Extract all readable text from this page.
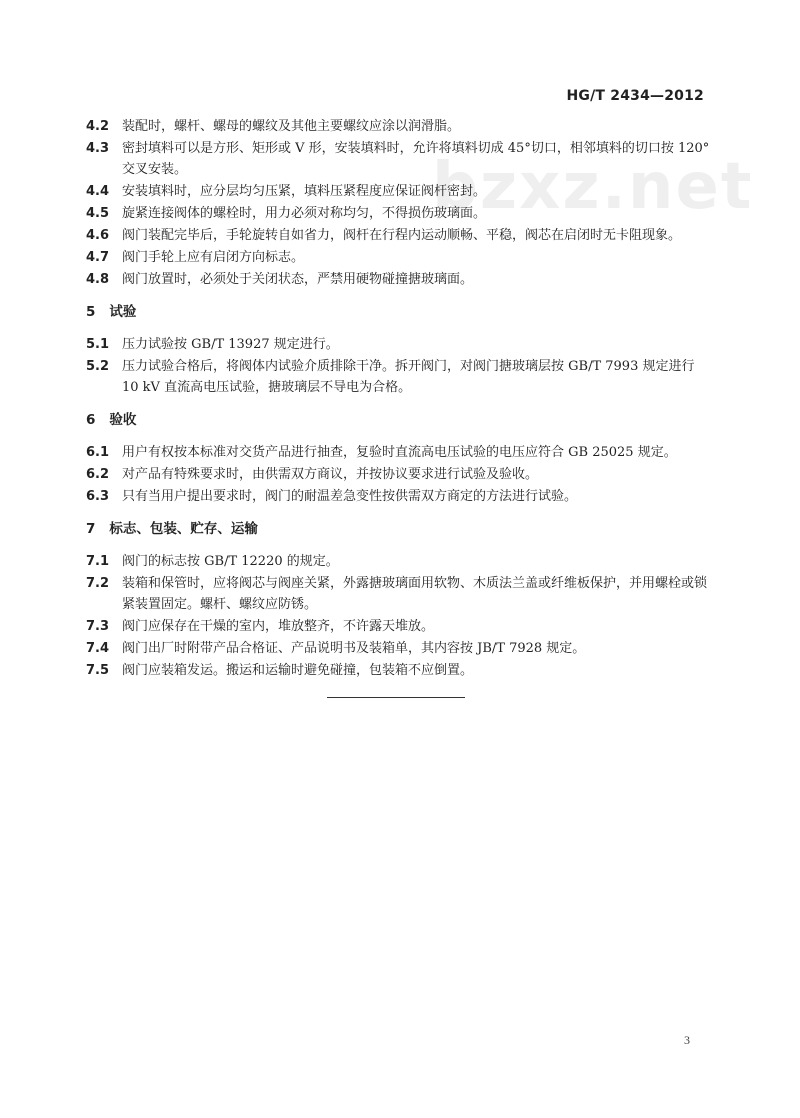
HG/T 2434—2012
bzxz.net
4.2 装配时，螺杆、螺母的螺纹及其他主要螺纹应涂以润滑脂。
4.3 密封填料可以是方形、矩形或 V 形，安装填料时，允许将填料切成 45°切口，相邻填料的切口按 120°交叉安装。
4.4 安装填料时，应分层均匀压紧，填料压紧程度应保证阀杆密封。
4.5 旋紧连接阀体的螺栓时，用力必须对称均匀，不得损伤玻璃面。
4.6 阀门装配完毕后，手轮旋转自如省力，阀杆在行程内运动顺畅、平稳，阀芯在启闭时无卡阻现象。
4.7 阀门手轮上应有启闭方向标志。
4.8 阀门放置时，必须处于关闭状态，严禁用硬物碰撞搪玻璃面。
5 试验
5.1 压力试验按 GB/T 13927 规定进行。
5.2 压力试验合格后，将阀体内试验介质排除干净。拆开阀门，对阀门搪玻璃层按 GB/T 7993 规定进行 10 kV 直流高电压试验，搪玻璃层不导电为合格。
6 验收
6.1 用户有权按本标准对交货产品进行抽查，复验时直流高电压试验的电压应符合 GB 25025 规定。
6.2 对产品有特殊要求时，由供需双方商议，并按协议要求进行试验及验收。
6.3 只有当用户提出要求时，阀门的耐温差急变性按供需双方商定的方法进行试验。
7 标志、包装、贮存、运输
7.1 阀门的标志按 GB/T 12220 的规定。
7.2 装箱和保管时，应将阀芯与阀座关紧，外露搪玻璃面用软物、木质法兰盖或纤维板保护，并用螺栓或锁紧装置固定。螺杆、螺纹应防锈。
7.3 阀门应保存在干燥的室内，堆放整齐，不许露天堆放。
7.4 阀门出厂时附带产品合格证、产品说明书及装箱单，其内容按 JB/T 7928 规定。
7.5 阀门应装箱发运。搬运和运输时避免碰撞，包装箱不应倒置。
3
